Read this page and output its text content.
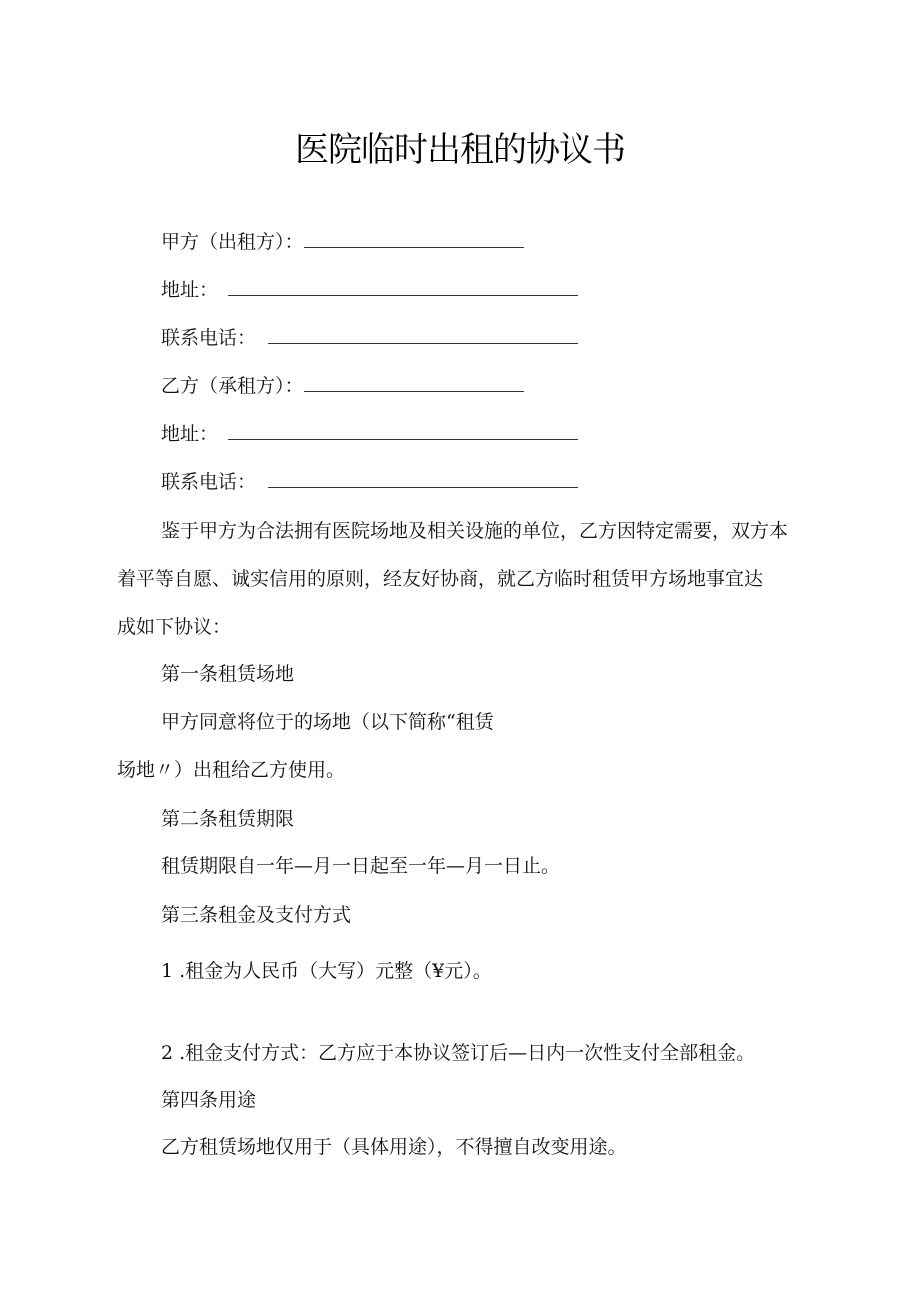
医院临时出租的协议书
甲方（出租方）：
地址：
联系电话：
乙方（承租方）：
地址：
联系电话：
鉴于甲方为合法拥有医院场地及相关设施的单位，乙方因特定需要，双方本
着平等自愿、诚实信用的原则，经友好协商，就乙方临时租赁甲方场地事宜达
成如下协议：
第一条租赁场地
甲方同意将位于的场地（以下简称“租赁
场地〃）出租给乙方使用。
第二条租赁期限
租赁期限自一年—月一日起至一年—月一日止。
第三条租金及支付方式
1 .租金为人民币（大写）元整（¥元）。
2 .租金支付方式：乙方应于本协议签订后—日内一次性支付全部租金。
第四条用途
乙方租赁场地仅用于（具体用途），不得擅自改变用途。
